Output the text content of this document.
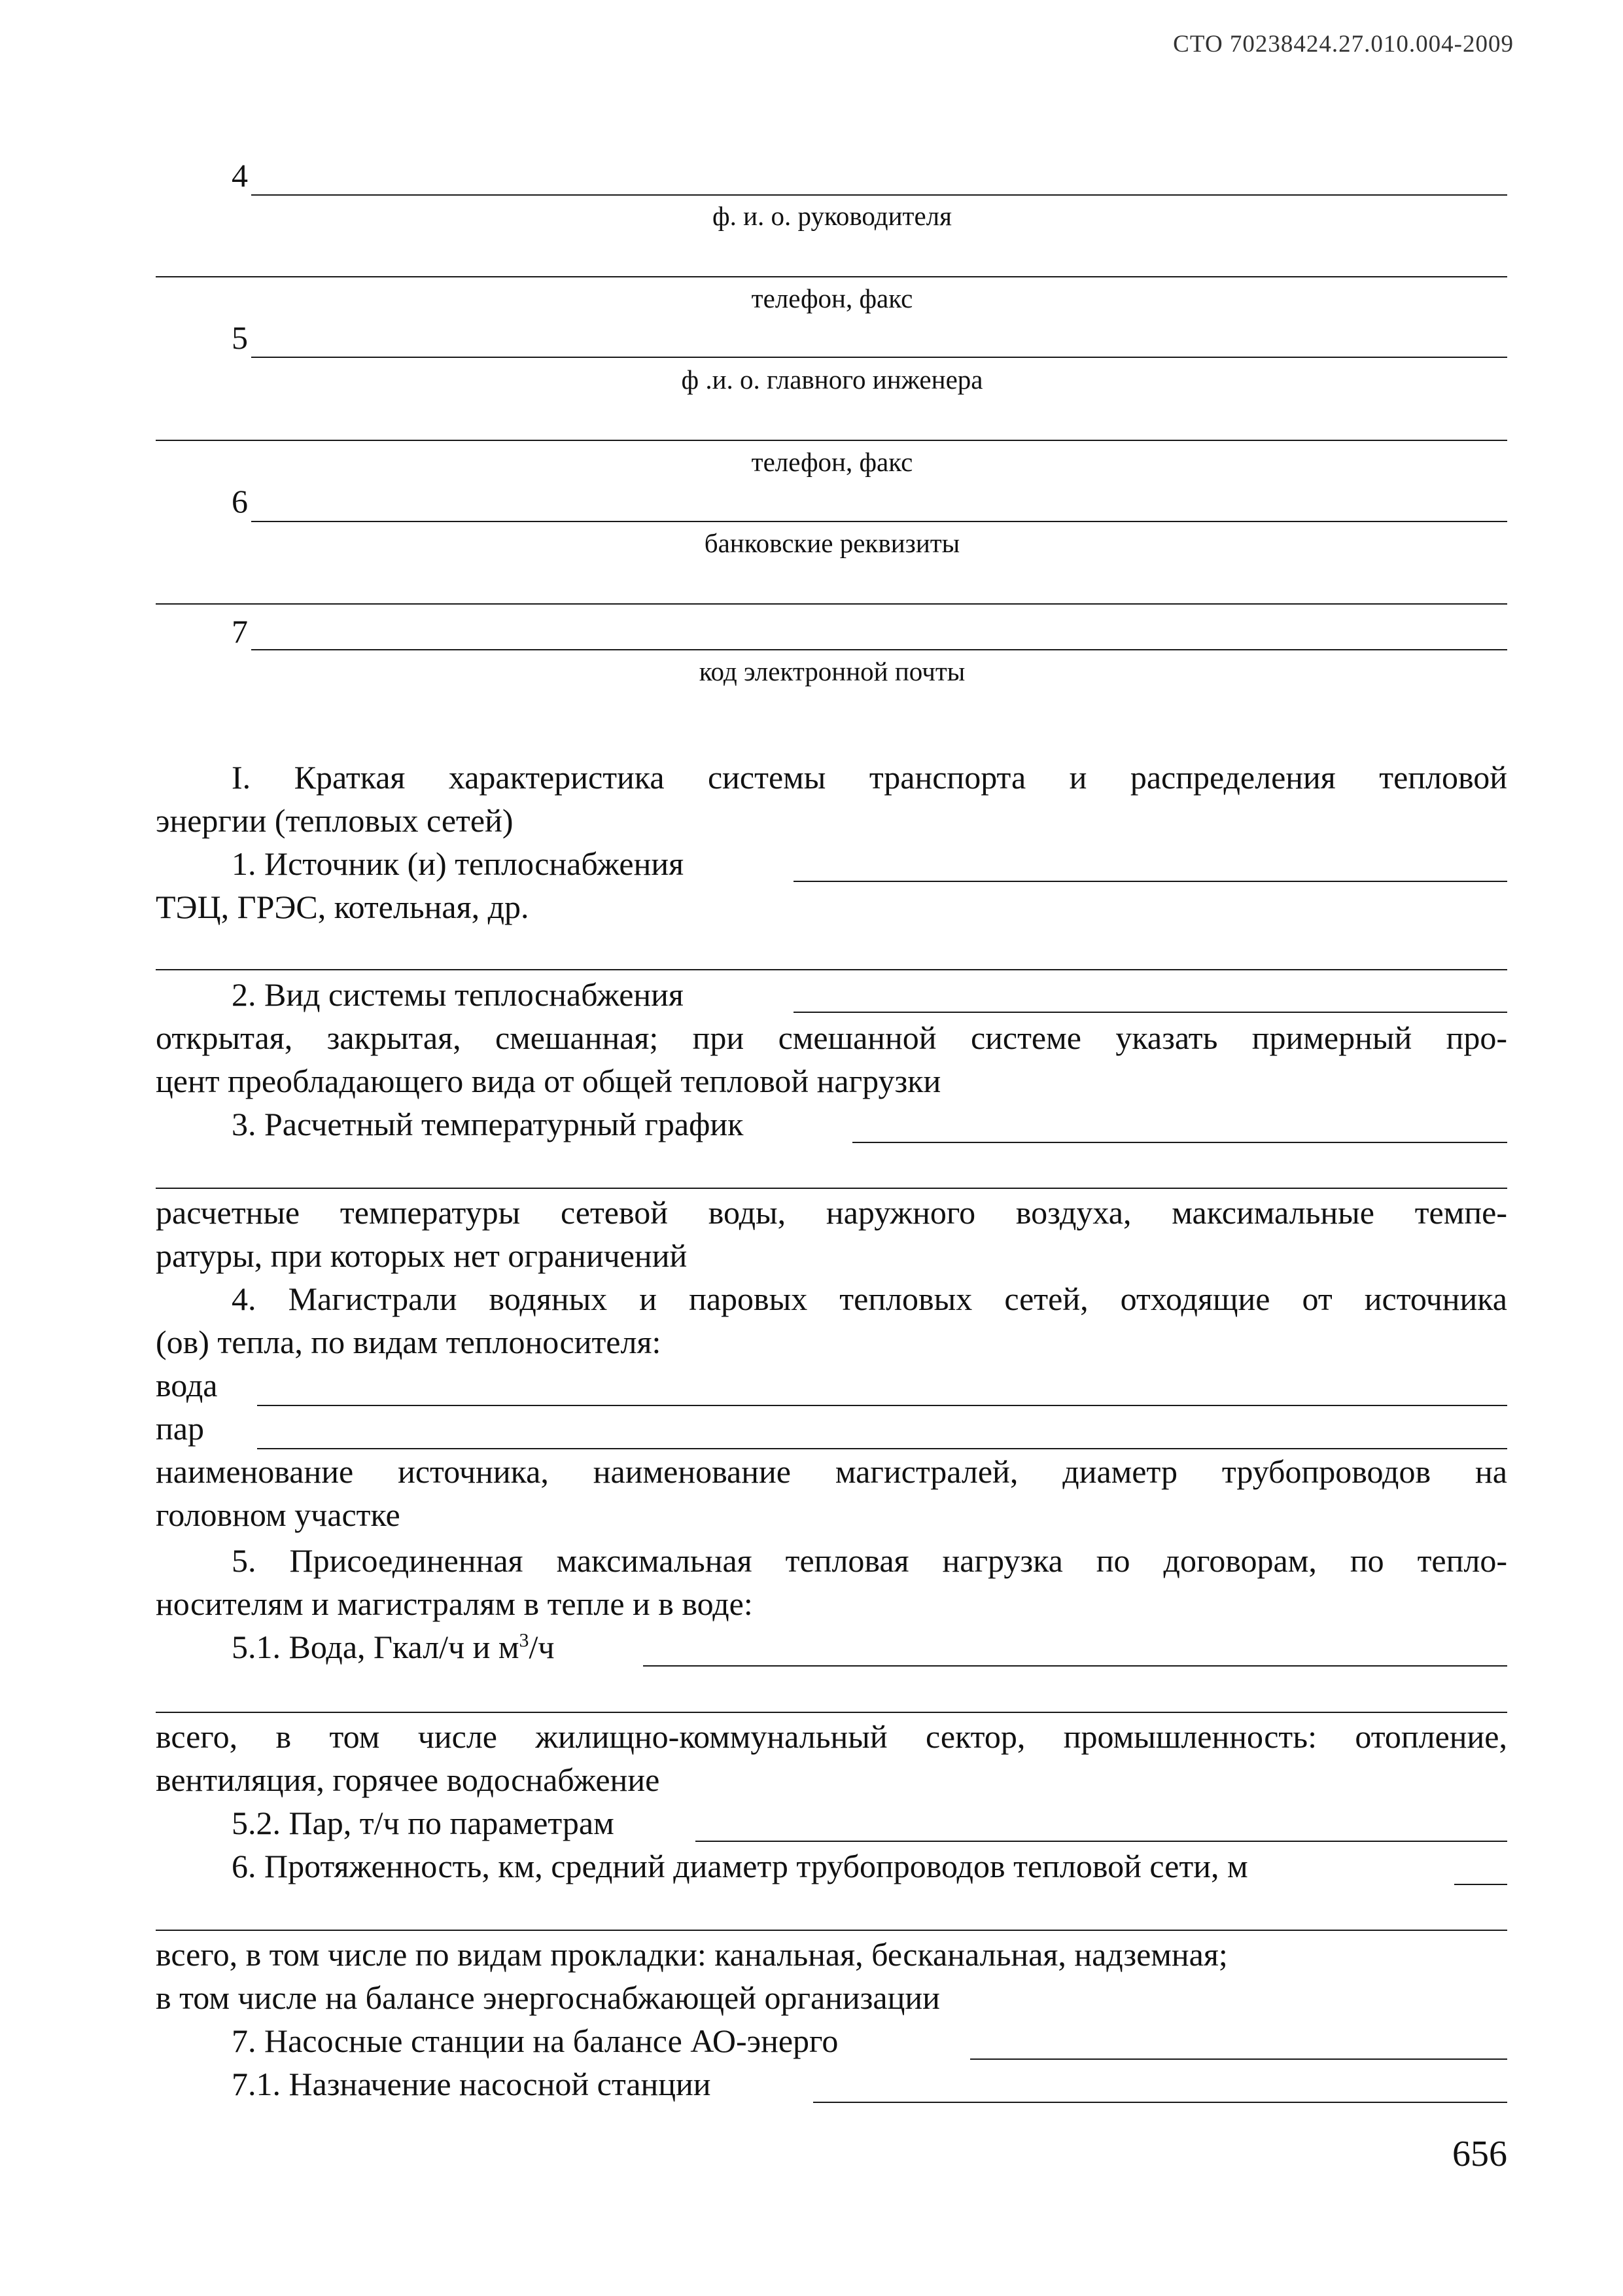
СТО 70238424.27.010.004-2009
4
ф. и. о. руководителя
телефон, факс
5
ф .и. о. главного инженера
телефон, факс
6
банковские реквизиты
7
код электронной почты
I. Краткая характеристика системы транспорта и распределения тепловой
энергии (тепловых сетей)
1. Источник (и) теплоснабжения
ТЭЦ, ГРЭС, котельная, др.
2. Вид системы теплоснабжения
открытая, закрытая, смешанная; при смешанной системе указать примерный про-
цент преобладающего вида от общей тепловой нагрузки
3. Расчетный температурный график
расчетные температуры сетевой воды, наружного воздуха, максимальные темпе-
ратуры, при которых нет ограничений
4. Магистрали водяных и паровых тепловых сетей, отходящие от источника
(ов) тепла, по видам теплоносителя:
вода
пар
наименование источника, наименование магистралей, диаметр трубопроводов на
головном участке
5. Присоединенная максимальная тепловая нагрузка по договорам, по тепло-
носителям и магистралям в тепле и в воде:
5.1. Вода, Гкал/ч и $м^3/ч$
всего, в том числе жилищно-коммунальный сектор, промышленность: отопление,
вентиляция, горячее водоснабжение
5.2. Пар, т/ч по параметрам
6. Протяженность, км, средний диаметр трубопроводов тепловой сети, м
всего, в том числе по видам прокладки: канальная, бесканальная, надземная;
в том числе на балансе энергоснабжающей организации
7. Насосные станции на балансе АО-энерго
7.1. Назначение насосной станции
656
